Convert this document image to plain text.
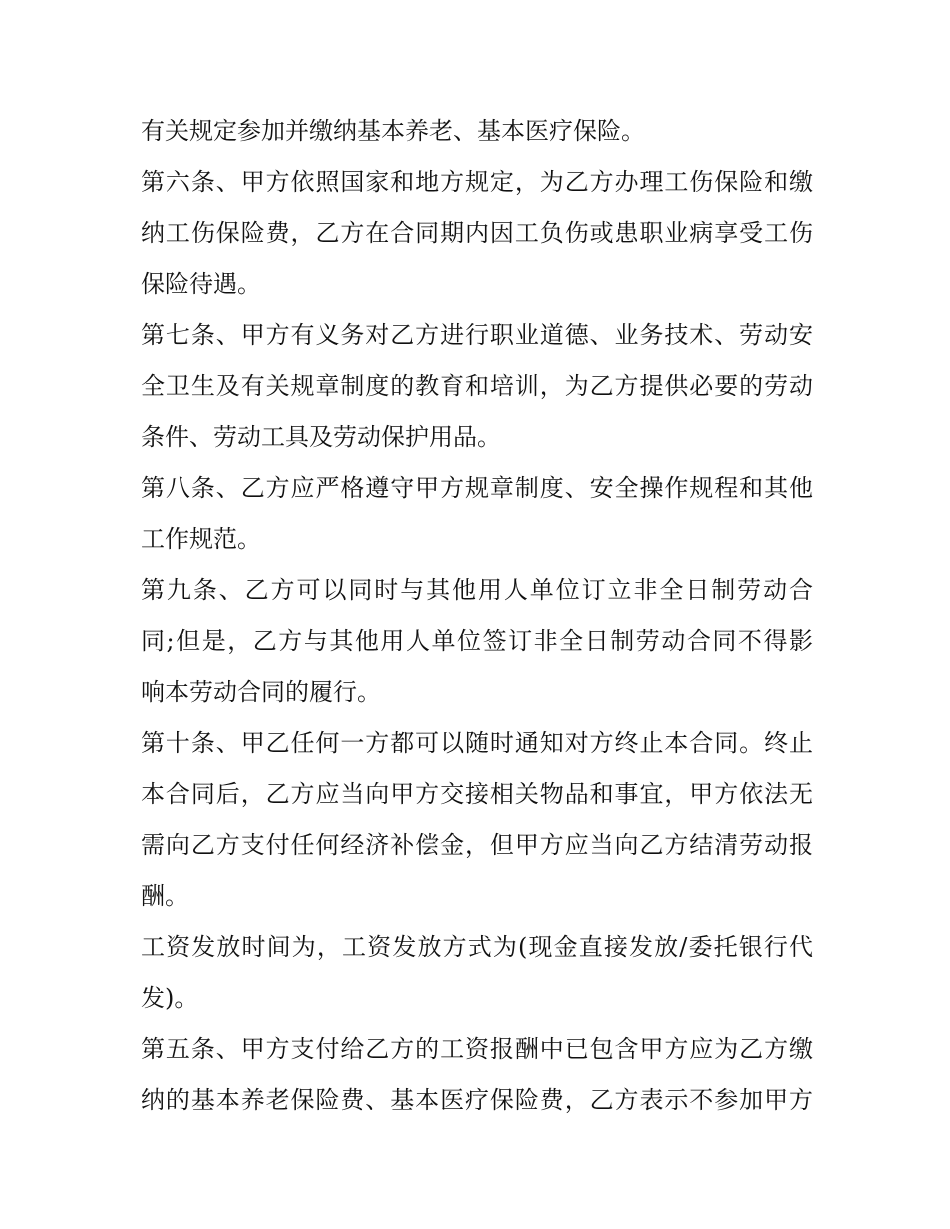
有关规定参加并缴纳基本养老、基本医疗保险。
第六条、甲方依照国家和地方规定，为乙方办理工伤保险和缴
纳工伤保险费，乙方在合同期内因工负伤或患职业病享受工伤
保险待遇。
第七条、甲方有义务对乙方进行职业道德、业务技术、劳动安
全卫生及有关规章制度的教育和培训，为乙方提供必要的劳动
条件、劳动工具及劳动保护用品。
第八条、乙方应严格遵守甲方规章制度、安全操作规程和其他
工作规范。
第九条、乙方可以同时与其他用人单位订立非全日制劳动合
同;但是，乙方与其他用人单位签订非全日制劳动合同不得影
响本劳动合同的履行。
第十条、甲乙任何一方都可以随时通知对方终止本合同。终止
本合同后，乙方应当向甲方交接相关物品和事宜，甲方依法无
需向乙方支付任何经济补偿金，但甲方应当向乙方结清劳动报
酬。
工资发放时间为，工资发放方式为(现金直接发放/委托银行代
发)。
第五条、甲方支付给乙方的工资报酬中已包含甲方应为乙方缴
纳的基本养老保险费、基本医疗保险费，乙方表示不参加甲方
